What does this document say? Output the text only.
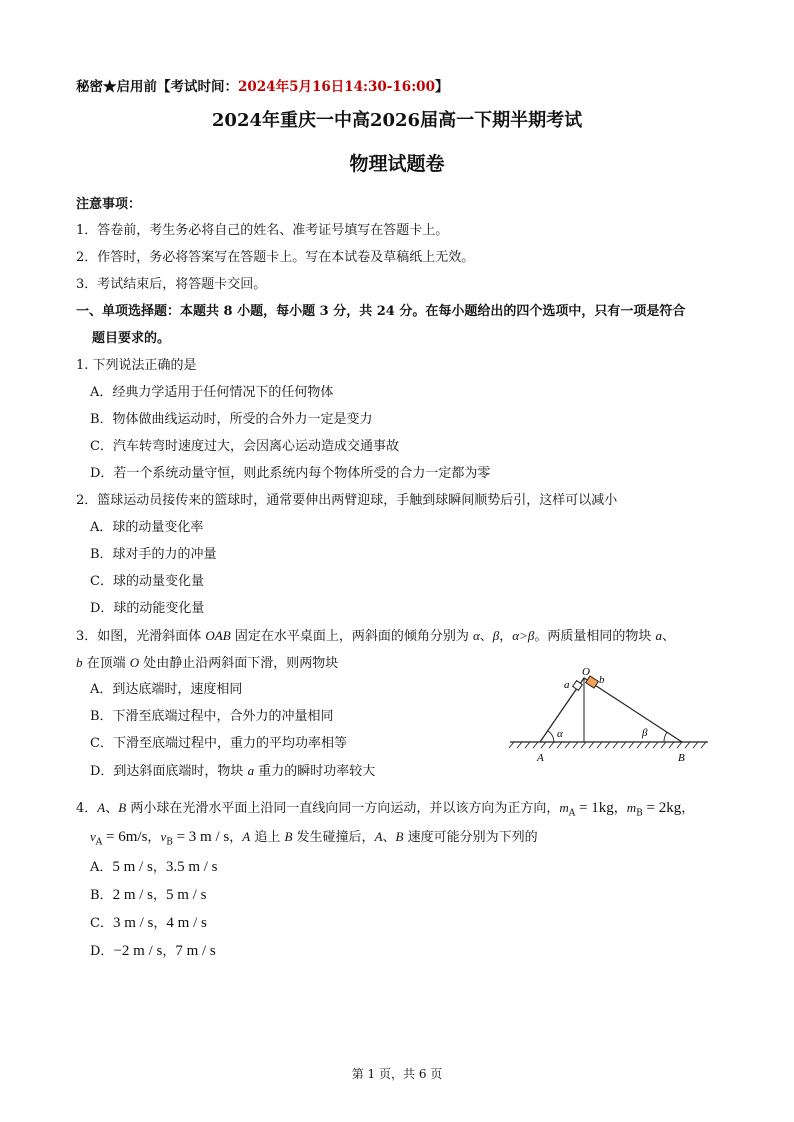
秘密★启用前【考试时间：2024年5月16日14:30-16:00】
2024年重庆一中高2026届高一下期半期考试
物理试题卷
注意事项：
1．答卷前，考生务必将自己的姓名、准考证号填写在答题卡上。
2．作答时，务必将答案写在答题卡上。写在本试卷及草稿纸上无效。
3．考试结束后，将答题卡交回。
一、单项选择题：本题共 8 小题，每小题 3 分，共 24 分。在每小题给出的四个选项中，只有一项是符合
题目要求的。
1. 下列说法正确的是
A．经典力学适用于任何情况下的任何物体
B．物体做曲线运动时，所受的合外力一定是变力
C．汽车转弯时速度过大，会因离心运动造成交通事故
D．若一个系统动量守恒，则此系统内每个物体所受的合力一定都为零
2．篮球运动员接传来的篮球时，通常要伸出两臂迎球，手触到球瞬间顺势后引，这样可以减小
A．球的动量变化率
B．球对手的力的冲量
C．球的动量变化量
D．球的动能变化量
3．如图，光滑斜面体 OAB 固定在水平桌面上，两斜面的倾角分别为 α、β，α>β。两质量相同的物块 a、
b 在顶端 O 处由静止沿两斜面下滑，则两物块
A．到达底端时，速度相同
B．下滑至底端过程中，合外力的冲量相同
C．下滑至底端过程中，重力的平均功率相等
D．到达斜面底端时，物块 a 重力的瞬时功率较大
O
a	b
α	β
A	B
4．A、B 两小球在光滑水平面上沿同一直线向同一方向运动，并以该方向为正方向，$m_A = 1kg$，$m_B = 2kg$，
$v_A = 6m/s$，$v_B = 3$ m / s，A 追上 B 发生碰撞后，A、B 速度可能分别为下列的
A．5 m / s，3.5 m / s
B．2 m / s，5 m / s
C．3 m / s，4 m / s
D．−2 m / s，7 m / s
第 1 页，共 6 页
